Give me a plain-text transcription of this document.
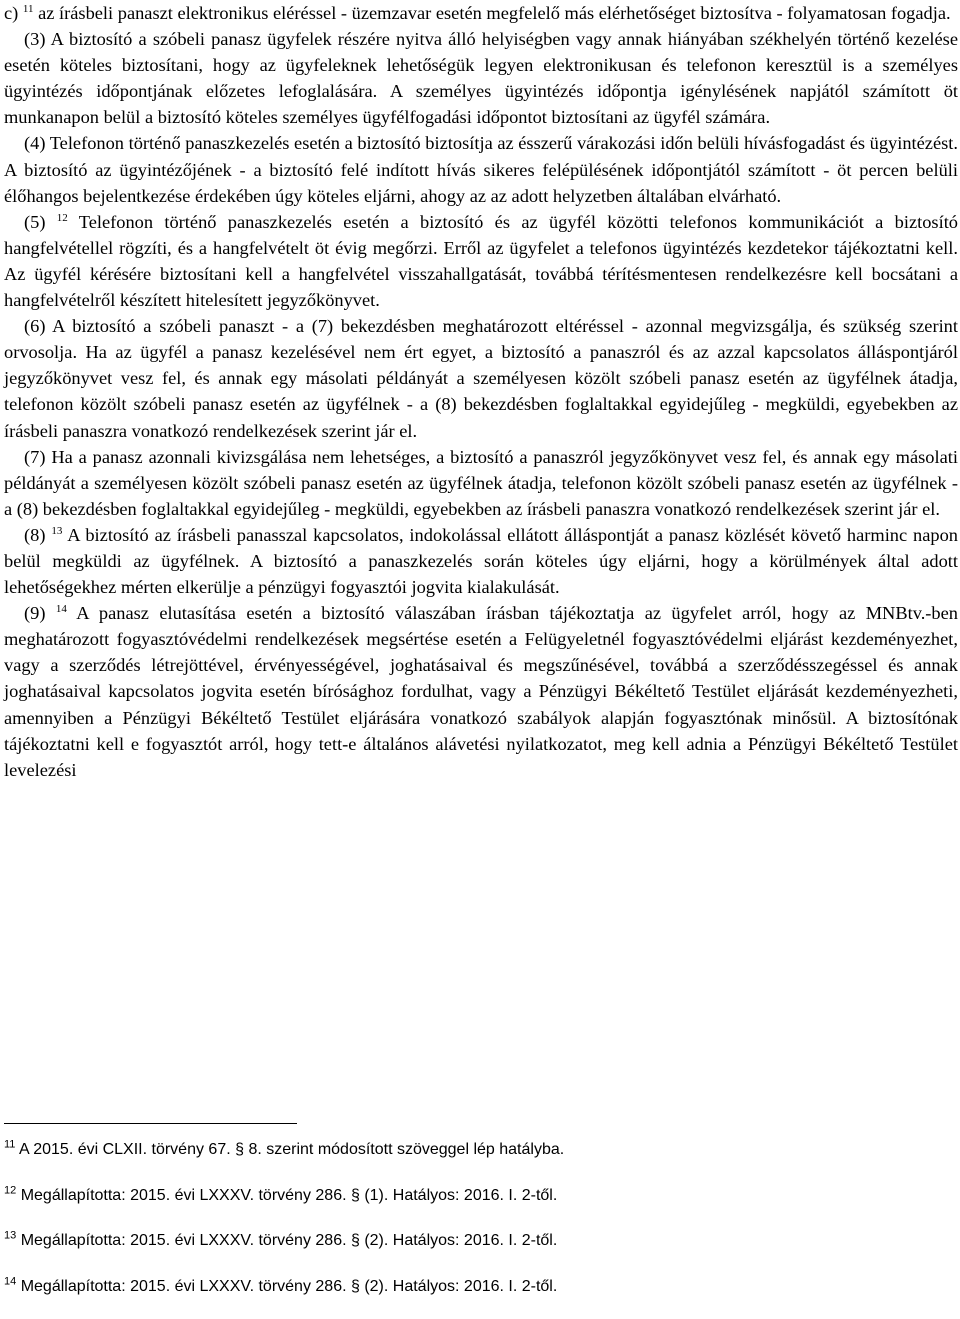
c) $^{11}$ az írásbeli panaszt elektronikus eléréssel - üzemzavar esetén megfelelő más elérhetőséget biztosítva - folyamatosan fogadja.

(3) A biztosító a szóbeli panasz ügyfelek részére nyitva álló helyiségben vagy annak hiányában székhelyén történő kezelése esetén köteles biztosítani, hogy az ügyfeleknek lehetőségük legyen elektronikusan és telefonon keresztül is a személyes ügyintézés időpontjának előzetes lefoglalására. A személyes ügyintézés időpontja igénylésének napjától számított öt munkanapon belül a biztosító köteles személyes ügyfélfogadási időpontot biztosítani az ügyfél számára.

(4) Telefonon történő panaszkezelés esetén a biztosító biztosítja az ésszerű várakozási időn belüli hívásfogadást és ügyintézést. A biztosító az ügyintézőjének - a biztosító felé indított hívás sikeres felépülésének időpontjától számított - öt percen belüli élőhangos bejelentkezése érdekében úgy köteles eljárni, ahogy az az adott helyzetben általában elvárható.

(5) $^{12}$ Telefonon történő panaszkezelés esetén a biztosító és az ügyfél közötti telefonos kommunikációt a biztosító hangfelvétellel rögzíti, és a hangfelvételt öt évig megőrzi. Erről az ügyfelet a telefonos ügyintézés kezdetekor tájékoztatni kell. Az ügyfél kérésére biztosítani kell a hangfelvétel visszahallgatását, továbbá térítésmentesen rendelkezésre kell bocsátani a hangfelvételről készített hitelesített jegyzőkönyvet.

(6) A biztosító a szóbeli panaszt - a (7) bekezdésben meghatározott eltéréssel - azonnal megvizsgálja, és szükség szerint orvosolja. Ha az ügyfél a panasz kezelésével nem ért egyet, a biztosító a panaszról és az azzal kapcsolatos álláspontjáról jegyzőkönyvet vesz fel, és annak egy másolati példányát a személyesen közölt szóbeli panasz esetén az ügyfélnek átadja, telefonon közölt szóbeli panasz esetén az ügyfélnek - a (8) bekezdésben foglaltakkal egyidejűleg - megküldi, egyebekben az írásbeli panaszra vonatkozó rendelkezések szerint jár el.

(7) Ha a panasz azonnali kivizsgálása nem lehetséges, a biztosító a panaszról jegyzőkönyvet vesz fel, és annak egy másolati példányát a személyesen közölt szóbeli panasz esetén az ügyfélnek átadja, telefonon közölt szóbeli panasz esetén az ügyfélnek - a (8) bekezdésben foglaltakkal egyidejűleg - megküldi, egyebekben az írásbeli panaszra vonatkozó rendelkezések szerint jár el.

(8) $^{13}$ A biztosító az írásbeli panasszal kapcsolatos, indokolással ellátott álláspontját a panasz közlését követő harminc napon belül megküldi az ügyfélnek. A biztosító a panaszkezelés során köteles úgy eljárni, hogy a körülmények által adott lehetőségekhez mérten elkerülje a pénzügyi fogyasztói jogvita kialakulását.

(9) $^{14}$ A panasz elutasítása esetén a biztosító válaszában írásban tájékoztatja az ügyfelet arról, hogy az MNBtv.-ben meghatározott fogyasztóvédelmi rendelkezések megsértése esetén a Felügyeletnél fogyasztóvédelmi eljárást kezdeményezhet, vagy a szerződés létrejöttével, érvényességével, joghatásaival és megszűnésével, továbbá a szerződésszegéssel és annak joghatásaival kapcsolatos jogvita esetén bírósághoz fordulhat, vagy a Pénzügyi Békéltető Testület eljárását kezdeményezheti, amennyiben a Pénzügyi Békéltető Testület eljárására vonatkozó szabályok alapján fogyasztónak minősül. A biztosítónak tájékoztatni kell e fogyasztót arról, hogy tett-e általános alávetési nyilatkozatot, meg kell adnia a Pénzügyi Békéltető Testület levelezési

$^{11}$ A 2015. évi CLXII. törvény 67. § 8. szerint módosított szöveggel lép hatályba.
$^{12}$ Megállapította: 2015. évi LXXXV. törvény 286. § (1). Hatályos: 2016. I. 2-től.
$^{13}$ Megállapította: 2015. évi LXXXV. törvény 286. § (2). Hatályos: 2016. I. 2-től.
$^{14}$ Megállapította: 2015. évi LXXXV. törvény 286. § (2). Hatályos: 2016. I. 2-től.
